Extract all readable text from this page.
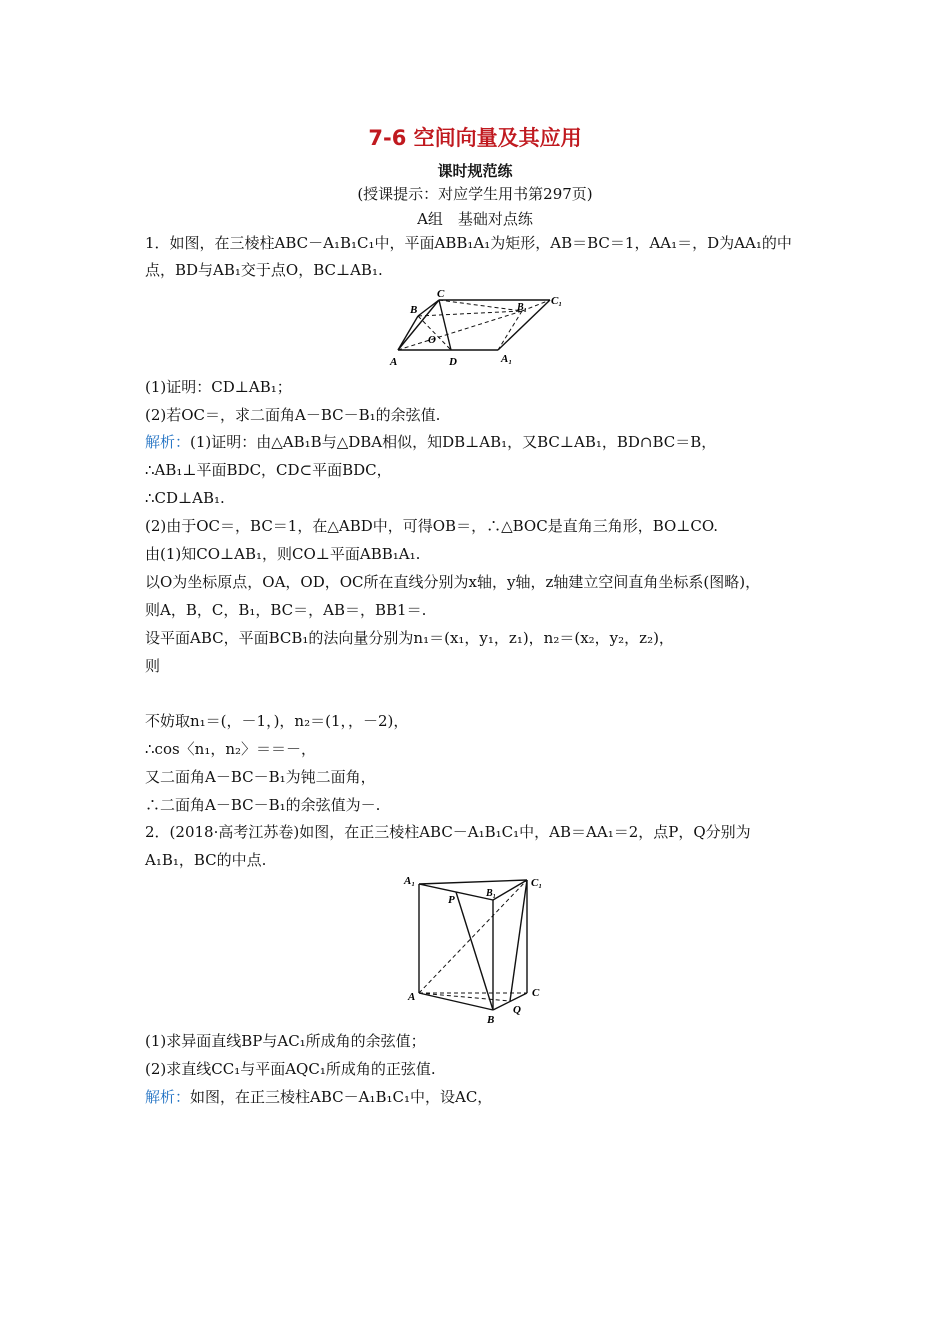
7-6 空间向量及其应用
课时规范练
(授课提示：对应学生用书第297页)
A组　基础对点练
1．如图，在三棱柱ABC－A₁B₁C₁中，平面ABB₁A₁为矩形，AB＝BC＝1，AA₁＝，D为AA₁的中
点，BD与AB₁交于点O，BC⊥AB₁.
B
C
B₁
C₁
O
A	D	A₁
(1)证明：CD⊥AB₁；
(2)若OC＝，求二面角A－BC－B₁的余弦值.
解析：(1)证明：由△AB₁B与△DBA相似，知DB⊥AB₁，又BC⊥AB₁，BD∩BC＝B，
∴AB₁⊥平面BDC，CD⊂平面BDC，
∴CD⊥AB₁.
(2)由于OC＝，BC＝1，在△ABD中，可得OB＝，∴△BOC是直角三角形，BO⊥CO.
由(1)知CO⊥AB₁，则CO⊥平面ABB₁A₁.
以O为坐标原点，OA，OD，OC所在直线分别为x轴，y轴，z轴建立空间直角坐标系(图略)，
则A，B，C，B₁，BC＝，AB＝，BB1＝.
设平面ABC，平面BCB₁的法向量分别为n₁＝(x₁，y₁，z₁)，n₂＝(x₂，y₂，z₂)，
则
不妨取n₁＝(，－1，)，n₂＝(1，，－2)，
∴cos〈n₁，n₂〉＝＝－，
又二面角A－BC－B₁为钝二面角，
∴二面角A－BC－B₁的余弦值为－.
2．(2018·高考江苏卷)如图，在正三棱柱ABC－A₁B₁C₁中，AB＝AA₁＝2，点P，Q分别为
A₁B₁，BC的中点.
A₁
P
B₁
C₁
A
B
C
Q
(1)求异面直线BP与AC₁所成角的余弦值；
(2)求直线CC₁与平面AQC₁所成角的正弦值.
解析：如图，在正三棱柱ABC－A₁B₁C₁中，设AC，
